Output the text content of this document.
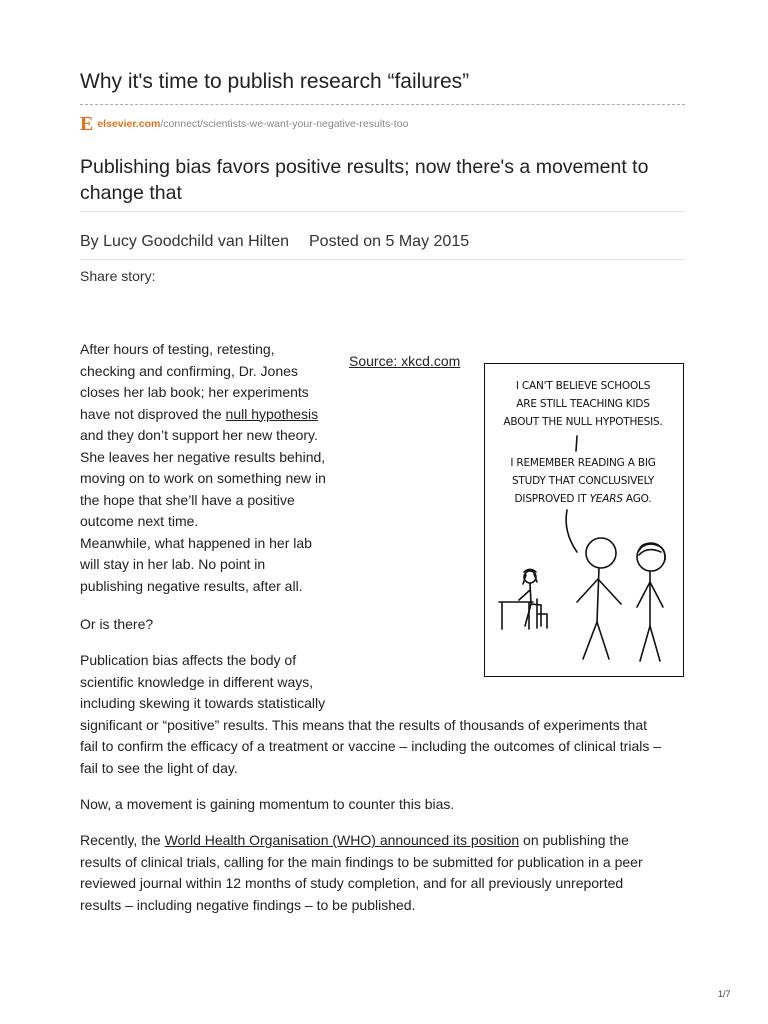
Why it's time to publish research “failures”
Eelsevier.com/connect/scientists-we-want-your-negative-results-too
Publishing bias favors positive results; now there's a movement to change that
By Lucy Goodchild van Hilten Posted on 5 May 2015
Share story:
After hours of testing, retesting,
checking and confirming, Dr. Jones
closes her lab book; her experiments
have not disproved the null hypothesis
and they don’t support her new theory.
She leaves her negative results behind,
moving on to work on something new in
the hope that she’ll have a positive
outcome next time.
Meanwhile, what happened in her lab
will stay in her lab. No point in
publishing negative results, after all.
Or is there?
Publication bias affects the body of
scientific knowledge in different ways,
including skewing it towards statistically
significant or “positive” results. This means that the results of thousands of experiments that
fail to confirm the efficacy of a treatment or vaccine – including the outcomes of clinical trials –
fail to see the light of day.
Now, a movement is gaining momentum to counter this bias.
Recently, the World Health Organisation (WHO) announced its position on publishing the
results of clinical trials, calling for the main findings to be submitted for publication in a peer
reviewed journal within 12 months of study completion, and for all previously unreported
results – including negative findings – to be published.
Source: xkcd.com
I CAN'T BELIEVE SCHOOLS
ARE STILL TEACHING KIDS
ABOUT THE NULL HYPOTHESIS.
I REMEMBER READING A BIG
STUDY THAT CONCLUSIVELY
DISPROVED IT YEARS AGO.
1/7
